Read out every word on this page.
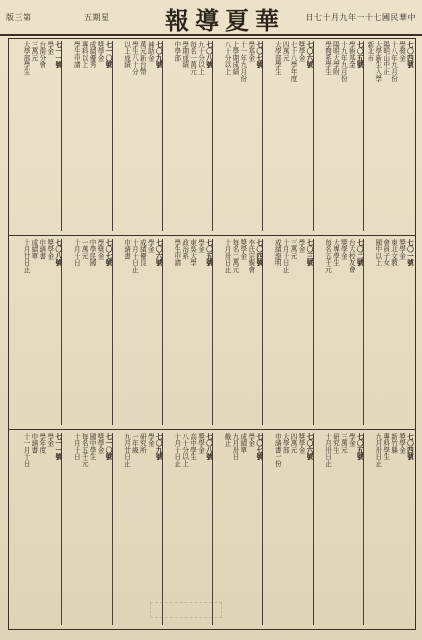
版三第	五期星 報導夏華	日七十月九年一十七國民華中
七〇四號
學獎金
十八年九月份
陽明山中正
大學新生入學
新北市
七〇五號
學術基金
十九年九月份
陽明大學附
學醫系學生
七〇六號
獎學金
七十八學年度
四萬元
大學部學生
七〇七號
學基金
十一年九月份
上學期成績
八十分以上
七〇八號
九十分以上
每名一萬元
學期成績
中學部
七〇九號
補助金
萬元新台幣
學生八十分
以上成績
七一〇號
獎學金
成績優秀
專科以上
學生申請
七一一號
學金
台南分會
三萬元
大學部學生
七〇一號
獎學金
東北文教
會員子女
國中以上
七〇二號
台大校友會
獎學金
大專學生
每名五千元
七〇三號
學金
三萬元
十月十日止
成績證明
七〇四號
李氏宗親會
獎學金
每名二萬元
十月卅日止
七〇五號
學金
東吳大學
政治系
學生申請
七〇六號
學金
成績優良
十月十日止
申請書
七〇七號
學獎金
中學民國
一萬元
十月十日
七〇八號
獎學金
申請書
成績單
十月廿日止
七〇四號
獎學金
新竹縣
專科學生
九月卅日止
七〇五號
學金
三萬元
研究生
十月卅日止
七〇六號
獎學金
四萬元
大學部
申請書一份
七〇七號
學金
成績單
九月卅日
截止
七〇八號
獎學金
高中學生
八十分以上
十月十日止
七〇九號
學金
研究所
一年級
九月廿日止
七一〇號
獎學金
國中學生
每名五千元
十月十日
七一一號
學金
學年度
申請書
十一月十日
